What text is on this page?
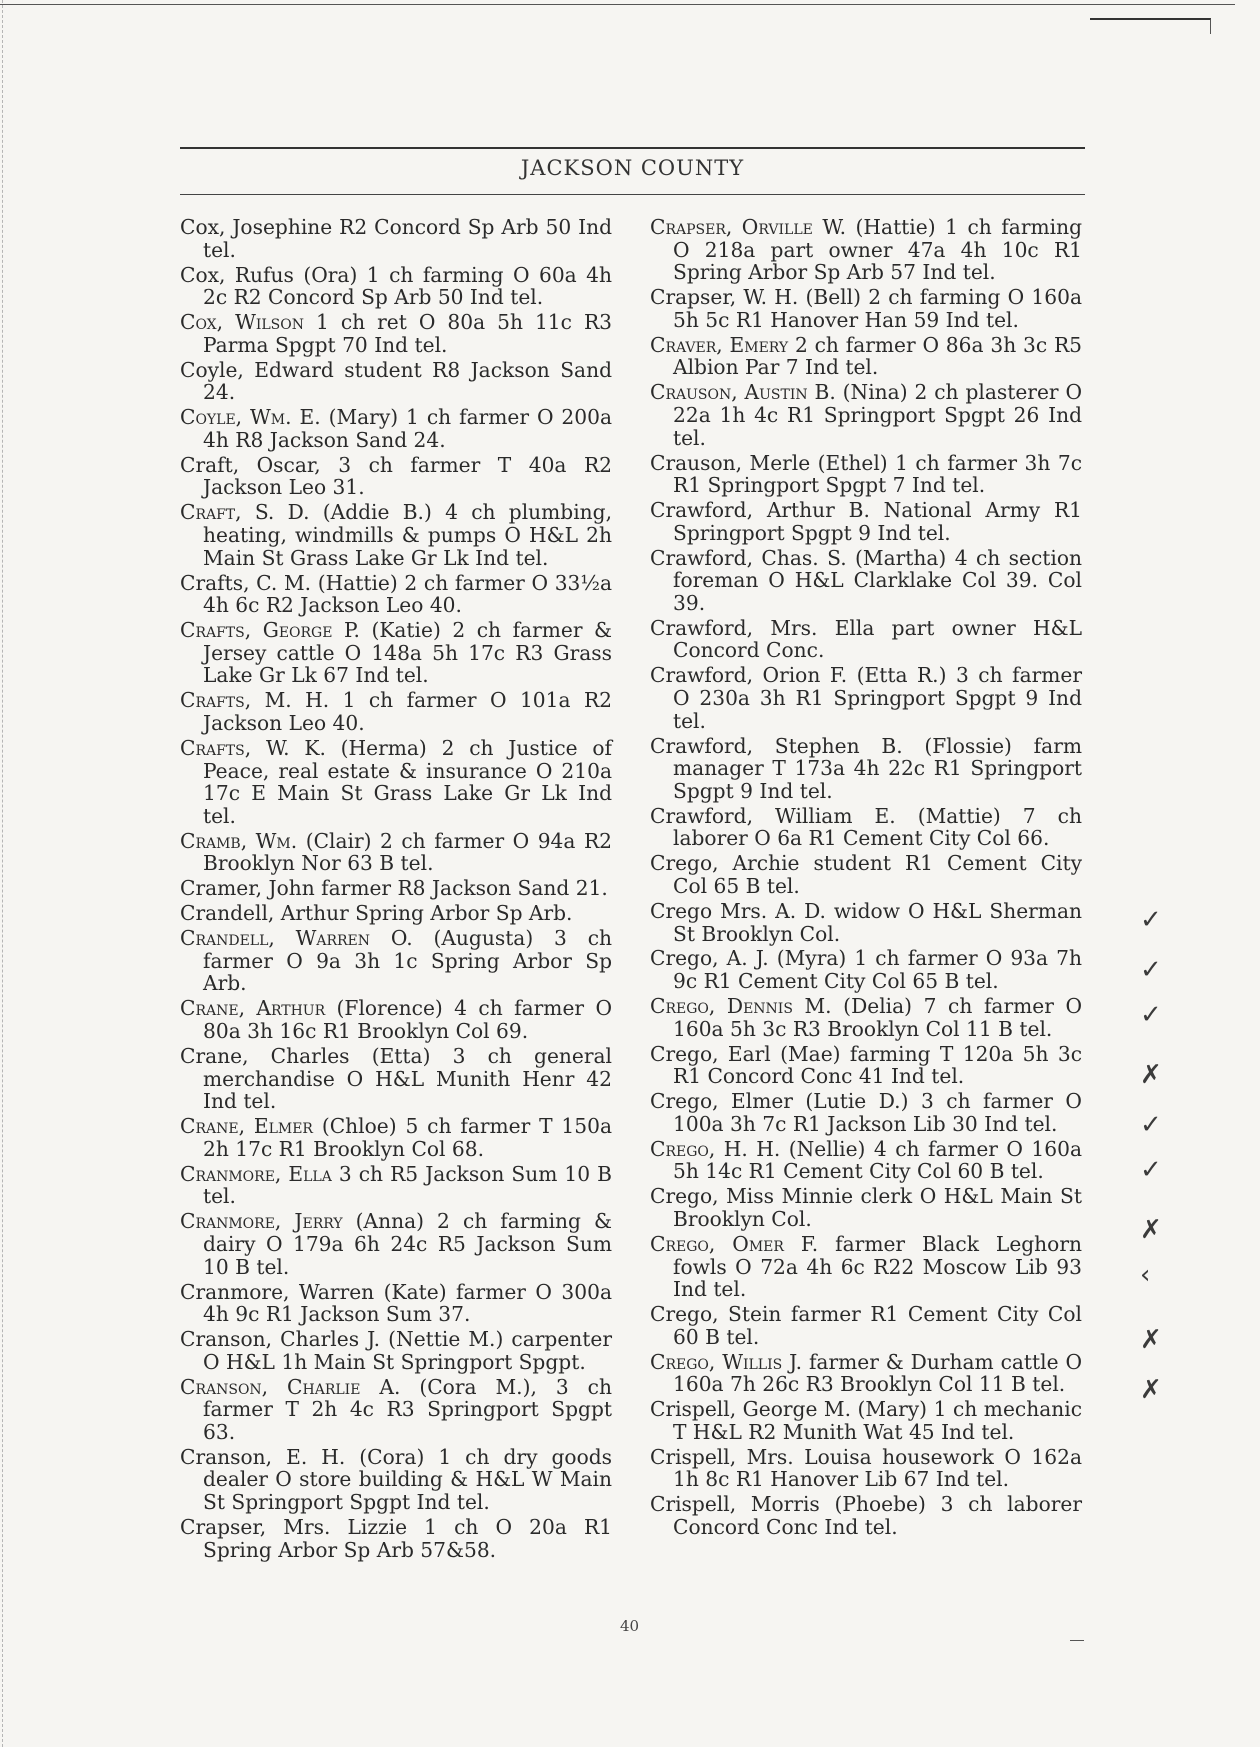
JACKSON COUNTY
Cox, Josephine R2 Concord Sp Arb 50 Ind tel.
Cox, Rufus (Ora) 1 ch farming O 60a 4h 2c R2 Concord Sp Arb 50 Ind tel.
Cox, Wilson 1 ch ret O 80a 5h 11c R3 Parma Spgpt 70 Ind tel.
Coyle, Edward student R8 Jackson Sand 24.
Coyle, Wm. E. (Mary) 1 ch farmer O 200a 4h R8 Jackson Sand 24.
Craft, Oscar, 3 ch farmer T 40a R2 Jackson Leo 31.
Craft, S. D. (Addie B.) 4 ch plumbing, heating, windmills & pumps O H&L 2h Main St Grass Lake Gr Lk Ind tel.
Crafts, C. M. (Hattie) 2 ch farmer O 33½a 4h 6c R2 Jackson Leo 40.
Crafts, George P. (Katie) 2 ch farmer & Jersey cattle O 148a 5h 17c R3 Grass Lake Gr Lk 67 Ind tel.
Crafts, M. H. 1 ch farmer O 101a R2 Jackson Leo 40.
Crafts, W. K. (Herma) 2 ch Justice of Peace, real estate & insurance O 210a 17c E Main St Grass Lake Gr Lk Ind tel.
Cramb, Wm. (Clair) 2 ch farmer O 94a R2 Brooklyn Nor 63 B tel.
Cramer, John farmer R8 Jackson Sand 21.
Crandell, Arthur Spring Arbor Sp Arb.
Crandell, Warren O. (Augusta) 3 ch farmer O 9a 3h 1c Spring Arbor Sp Arb.
Crane, Arthur (Florence) 4 ch farmer O 80a 3h 16c R1 Brooklyn Col 69.
Crane, Charles (Etta) 3 ch general merchandise O H&L Munith Henr 42 Ind tel.
Crane, Elmer (Chloe) 5 ch farmer T 150a 2h 17c R1 Brooklyn Col 68.
Cranmore, Ella 3 ch R5 Jackson Sum 10 B tel.
Cranmore, Jerry (Anna) 2 ch farming & dairy O 179a 6h 24c R5 Jackson Sum 10 B tel.
Cranmore, Warren (Kate) farmer O 300a 4h 9c R1 Jackson Sum 37.
Cranson, Charles J. (Nettie M.) carpenter O H&L 1h Main St Springport Spgpt.
Cranson, Charlie A. (Cora M.), 3 ch farmer T 2h 4c R3 Springport Spgpt 63.
Cranson, E. H. (Cora) 1 ch dry goods dealer O store building & H&L W Main St Springport Spgpt Ind tel.
Crapser, Mrs. Lizzie 1 ch O 20a R1 Spring Arbor Sp Arb 57&58.
Crapser, Orville W. (Hattie) 1 ch farming O 218a part owner 47a 4h 10c R1 Spring Arbor Sp Arb 57 Ind tel.
Crapser, W. H. (Bell) 2 ch farming O 160a 5h 5c R1 Hanover Han 59 Ind tel.
Craver, Emery 2 ch farmer O 86a 3h 3c R5 Albion Par 7 Ind tel.
Crauson, Austin B. (Nina) 2 ch plasterer O 22a 1h 4c R1 Springport Spgpt 26 Ind tel.
Crauson, Merle (Ethel) 1 ch farmer 3h 7c R1 Springport Spgpt 7 Ind tel.
Crawford, Arthur B. National Army R1 Springport Spgpt 9 Ind tel.
Crawford, Chas. S. (Martha) 4 ch section foreman O H&L Clarklake Col 39. Col 39.
Crawford, Mrs. Ella part owner H&L Concord Conc.
Crawford, Orion F. (Etta R.) 3 ch farmer O 230a 3h R1 Springport Spgpt 9 Ind tel.
Crawford, Stephen B. (Flossie) farm manager T 173a 4h 22c R1 Springport Spgpt 9 Ind tel.
Crawford, William E. (Mattie) 7 ch laborer O 6a R1 Cement City Col 66.
Crego, Archie student R1 Cement City Col 65 B tel.
Crego Mrs. A. D. widow O H&L Sherman St Brooklyn Col.
Crego, A. J. (Myra) 1 ch farmer O 93a 7h 9c R1 Cement City Col 65 B tel.
Crego, Dennis M. (Delia) 7 ch farmer O 160a 5h 3c R3 Brooklyn Col 11 B tel.
Crego, Earl (Mae) farming T 120a 5h 3c R1 Concord Conc 41 Ind tel.
Crego, Elmer (Lutie D.) 3 ch farmer O 100a 3h 7c R1 Jackson Lib 30 Ind tel.
Crego, H. H. (Nellie) 4 ch farmer O 160a 5h 14c R1 Cement City Col 60 B tel.
Crego, Miss Minnie clerk O H&L Main St Brooklyn Col.
Crego, Omer F. farmer Black Leghorn fowls O 72a 4h 6c R22 Moscow Lib 93 Ind tel.
Crego, Stein farmer R1 Cement City Col 60 B tel.
Crego, Willis J. farmer & Durham cattle O 160a 7h 26c R3 Brooklyn Col 11 B tel.
Crispell, George M. (Mary) 1 ch mechanic T H&L R2 Munith Wat 45 Ind tel.
Crispell, Mrs. Louisa housework O 162a 1h 8c R1 Hanover Lib 67 Ind tel.
Crispell, Morris (Phoebe) 3 ch laborer Concord Conc Ind tel.
✓
✓
✓
✗
✓
✓
✗
‹
✗
✗
40
